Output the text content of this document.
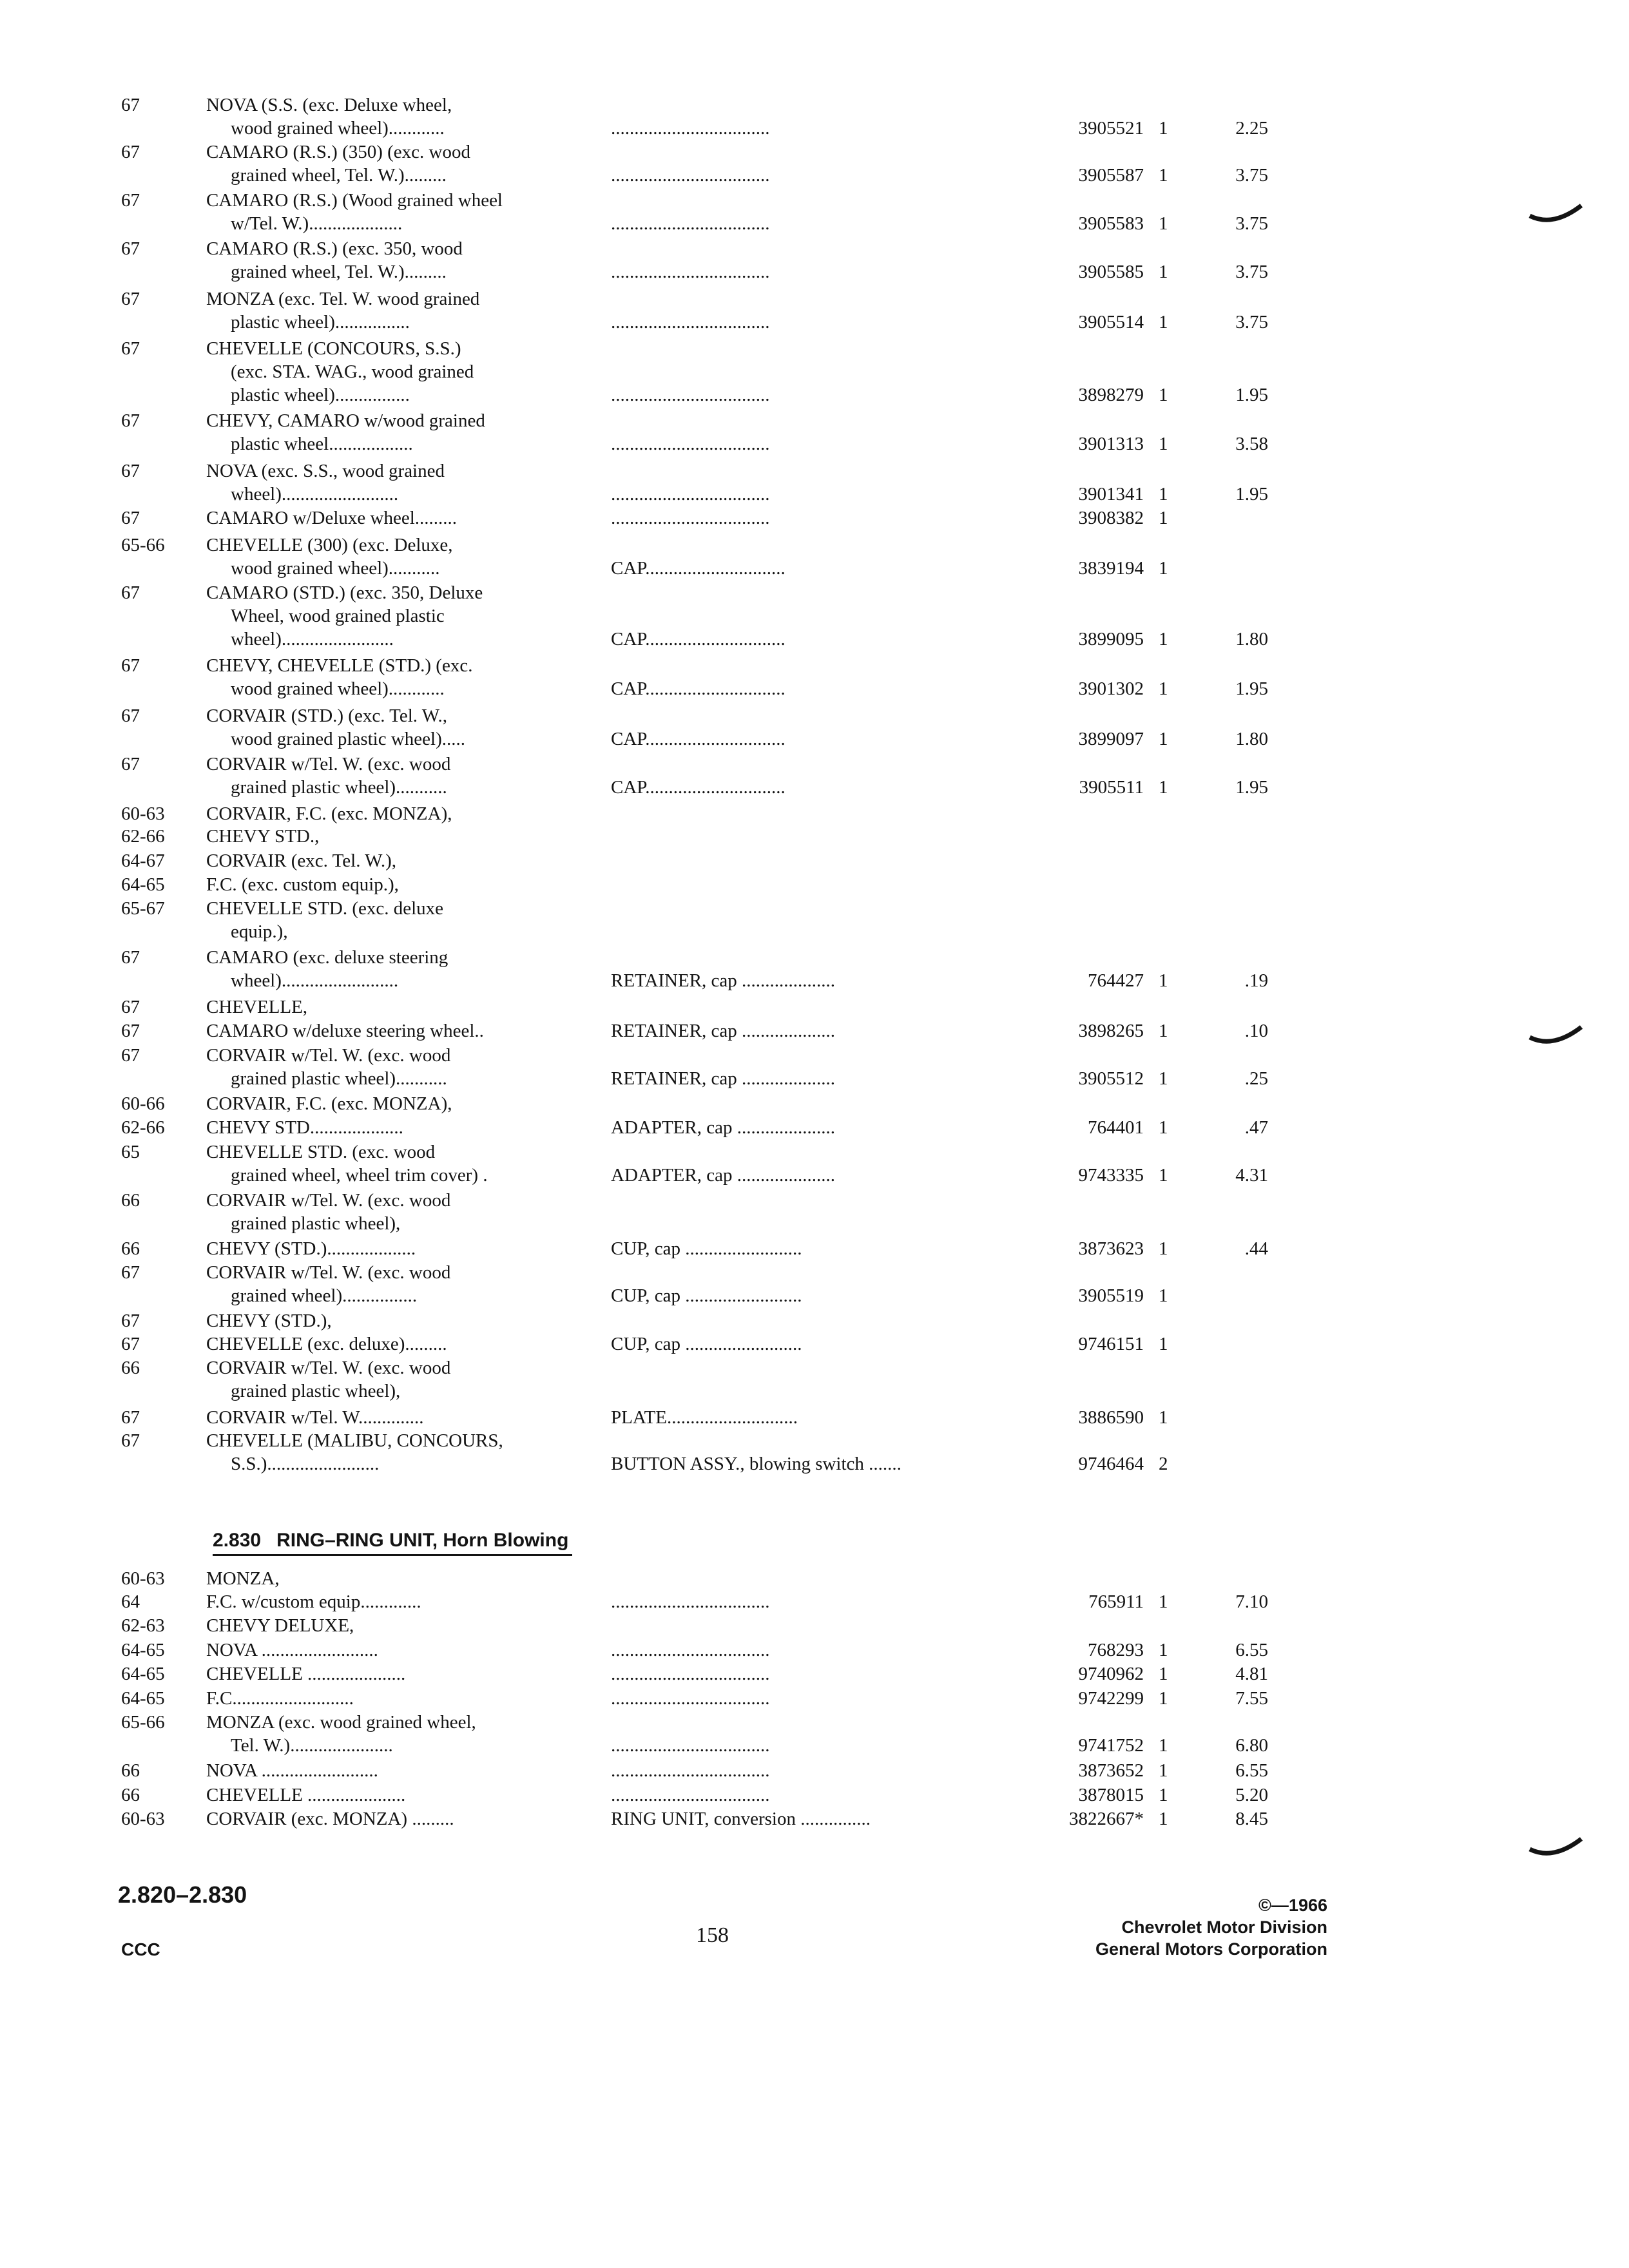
67	NOVA (S.S. (exc. Deluxe wheel,
wood grained wheel)............	..................................	3905521 1	2.25
67	CAMARO (R.S.) (350) (exc. wood
grained wheel, Tel. W.).........	..................................	3905587 1	3.75
67	CAMARO (R.S.) (Wood grained wheel
w/Tel. W.)....................	..................................	3905583 1	3.75
67	CAMARO (R.S.) (exc. 350, wood
grained wheel, Tel. W.).........	..................................	3905585 1	3.75
67	MONZA (exc. Tel. W. wood grained
plastic wheel)................	..................................	3905514 1	3.75
67	CHEVELLE (CONCOURS, S.S.)
(exc. STA. WAG., wood grained
plastic wheel)................	..................................	3898279 1	1.95
67	CHEVY, CAMARO w/wood grained
plastic wheel..................	..................................	3901313 1	3.58
67	NOVA (exc. S.S., wood grained
wheel).........................	..................................	3901341 1	1.95
67	CAMARO w/Deluxe wheel.........	..................................	3908382 1
65-66 CHEVELLE (300) (exc. Deluxe,
wood grained wheel)...........	CAP..............................	3839194 1
67	CAMARO (STD.) (exc. 350, Deluxe
Wheel, wood grained plastic
wheel)........................	CAP..............................	3899095 1	1.80
67	CHEVY, CHEVELLE (STD.) (exc.
wood grained wheel)............	CAP..............................	3901302 1	1.95
67	CORVAIR (STD.) (exc. Tel. W.,
wood grained plastic wheel).....	CAP..............................	3899097 1	1.80
67	CORVAIR w/Tel. W. (exc. wood
grained plastic wheel)...........	CAP..............................	3905511 1	1.95
60-63 CORVAIR, F.C. (exc. MONZA),
62-66 CHEVY STD.,
64-67 CORVAIR (exc. Tel. W.),
64-65 F.C. (exc. custom equip.),
65-67 CHEVELLE STD. (exc. deluxe
equip.),
67	CAMARO (exc. deluxe steering
wheel).........................	RETAINER, cap ....................	764427 1	.19
67	CHEVELLE,
67	CAMARO w/deluxe steering wheel..	RETAINER, cap ....................	3898265 1	.10
67	CORVAIR w/Tel. W. (exc. wood
grained plastic wheel)...........	RETAINER, cap ....................	3905512 1	.25
60-66 CORVAIR, F.C. (exc. MONZA),
62-66 CHEVY STD....................	ADAPTER, cap .....................	764401 1	.47
65	CHEVELLE STD. (exc. wood
grained wheel, wheel trim cover) .	ADAPTER, cap .....................	9743335 1	4.31
66	CORVAIR w/Tel. W. (exc. wood
grained plastic wheel),
66	CHEVY (STD.)...................	CUP, cap .........................	3873623 1	.44
67	CORVAIR w/Tel. W. (exc. wood
grained wheel)................	CUP, cap .........................	3905519 1
67	CHEVY (STD.),
67	CHEVELLE (exc. deluxe).........	CUP, cap .........................	9746151 1
66	CORVAIR w/Tel. W. (exc. wood
grained plastic wheel),
67	CORVAIR w/Tel. W..............	PLATE............................	3886590 1
67	CHEVELLE (MALIBU, CONCOURS,
S.S.)........................	BUTTON ASSY., blowing switch .......	9746464 2
2.830 RING–RING UNIT, Horn Blowing
60-63 MONZA,
64	F.C. w/custom equip.............	..................................	765911 1	7.10
62-63 CHEVY DELUXE,
64-65 NOVA .........................	..................................	768293 1	6.55
64-65 CHEVELLE .....................	..................................	9740962 1	4.81
64-65 F.C..........................	..................................	9742299 1	7.55
65-66 MONZA (exc. wood grained wheel,
Tel. W.)......................	..................................	9741752 1	6.80
66	NOVA .........................	..................................	3873652 1	6.55
66	CHEVELLE .....................	..................................	3878015 1	5.20
60-63 CORVAIR (exc. MONZA) .........	RING UNIT, conversion ...............	3822667* 1	8.45
2.820–2.830
CCC
158
©—1966
Chevrolet Motor Division
General Motors Corporation
